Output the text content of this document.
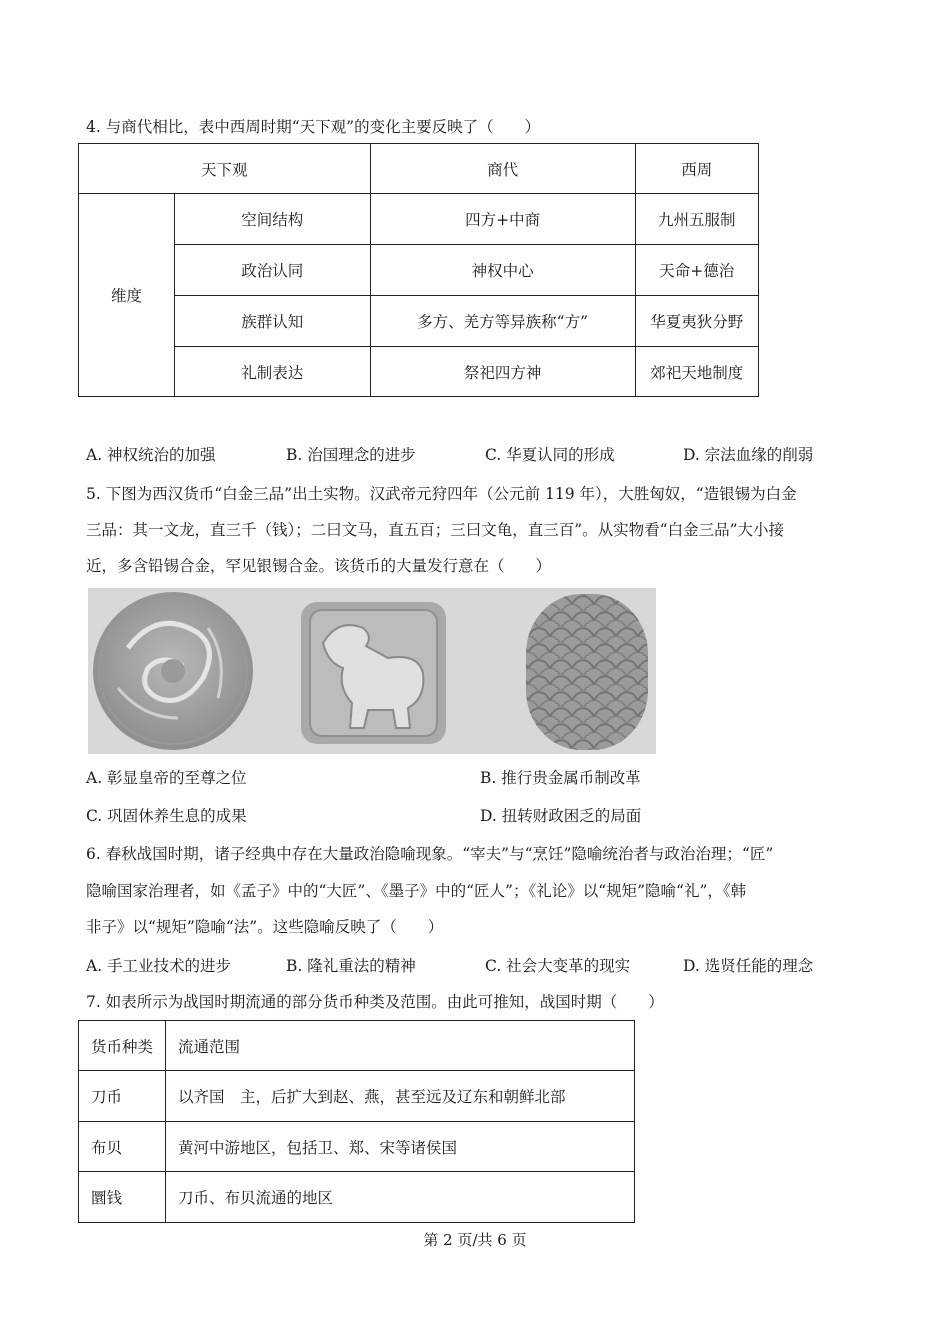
4. 与商代相比，表中西周时期“天下观”的变化主要反映了（　　）
天下观		商代	西周
维度	空间结构	四方+中商	九州五服制
	政治认同	神权中心	天命+德治
	族群认知	多方、羌方等异族称“方”	华夏夷狄分野
	礼制表达	祭祀四方神	郊祀天地制度
A. 神权统治的加强	B. 治国理念的进步	C. 华夏认同的形成	D. 宗法血缘的削弱
5. 下图为西汉货币“白金三品”出土实物。汉武帝元狩四年（公元前 119 年），大胜匈奴，“造银锡为白金
三品：其一文龙，直三千（钱）；二曰文马，直五百；三曰文龟，直三百”。从实物看“白金三品”大小接
近，多含铅锡合金，罕见银锡合金。该货币的大量发行意在（　　）
A. 彰显皇帝的至尊之位	B. 推行贵金属币制改革
C. 巩固休养生息的成果	D. 扭转财政困乏的局面
6. 春秋战国时期，诸子经典中存在大量政治隐喻现象。“宰夫”与“烹饪”隐喻统治者与政治治理；“匠”
隐喻国家治理者，如《孟子》中的“大匠”、《墨子》中的“匠人”；《礼论》以“规矩”隐喻“礼”，《韩
非子》以“规矩”隐喻“法”。这些隐喻反映了（　　）
A. 手工业技术的进步	B. 隆礼重法的精神	C. 社会大变革的现实	D. 选贤任能的理念
7. 如表所示为战国时期流通的部分货币种类及范围。由此可推知，战国时期（　　）
货币种类	流通范围
刀币	以齐国　主，后扩大到赵、燕，甚至远及辽东和朝鲜北部
布贝	黄河中游地区，包括卫、郑、宋等诸侯国
圜钱	刀币、布贝流通的地区
第 2 页/共 6 页
